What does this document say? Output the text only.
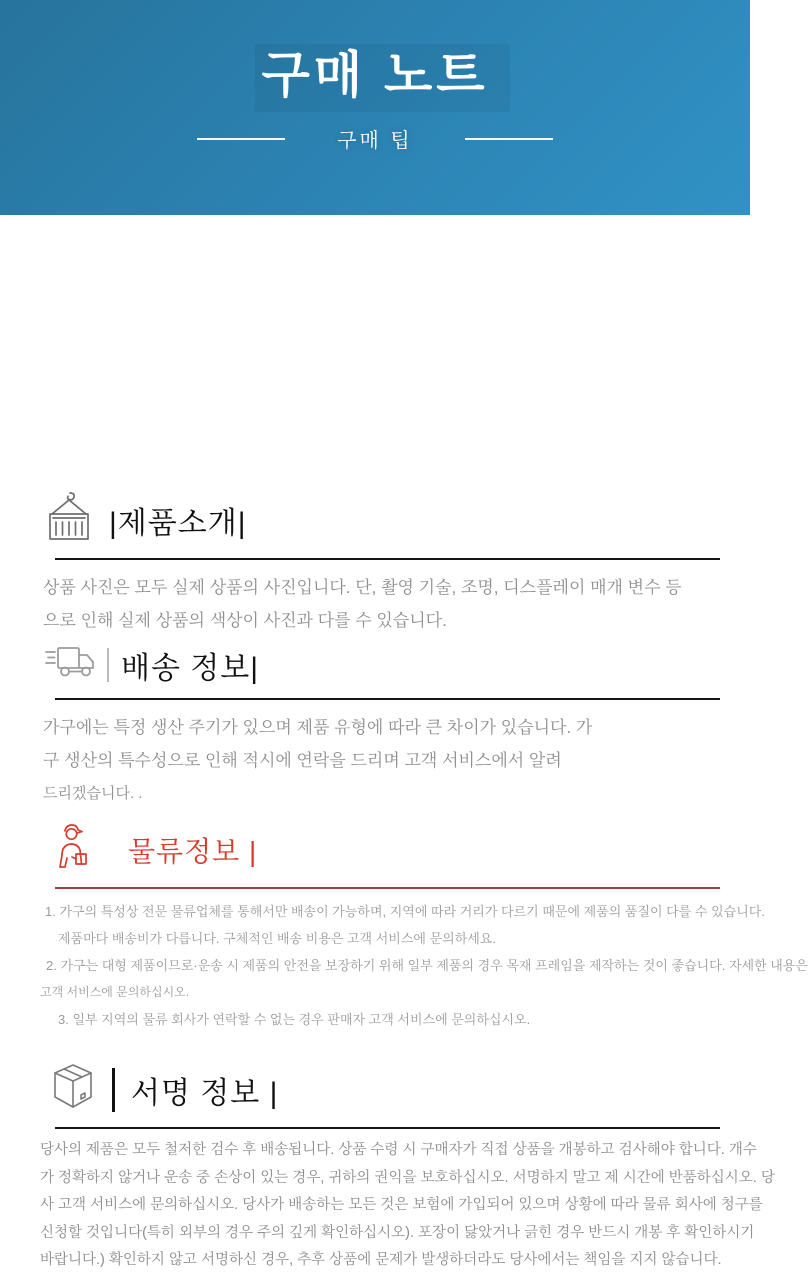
구매 노트
구매 팁
|제품소개|
상품 사진은 모두 실제 상품의 사진입니다. 단, 촬영 기술, 조명, 디스플레이 매개 변수 등
으로 인해 실제 상품의 색상이 사진과 다를 수 있습니다.
배송 정보|
가구에는 특정 생산 주기가 있으며 제품 유형에 따라 큰 차이가 있습니다. 가
구 생산의 특수성으로 인해 적시에 연락을 드리며 고객 서비스에서 알려
드리겠습니다. .
물류정보 |
1. 가구의 특성상 전문 물류업체를 통해서만 배송이 가능하며, 지역에 따라 거리가 다르기 때문에 제품의 품질이 다를 수 있습니다.
제품마다 배송비가 다릅니다. 구체적인 배송 비용은 고객 서비스에 문의하세요.
2. 가구는 대형 제품이므로·운송 시 제품의 안전을 보장하기 위해 일부 제품의 경우 목재 프레임을 제작하는 것이 좋습니다. 자세한 내용은
고객 서비스에 문의하십시오.
3. 일부 지역의 물류 회사가 연락할 수 없는 경우 판매자 고객 서비스에 문의하십시오.
서명 정보 |
당사의 제품은 모두 철저한 검수 후 배송됩니다. 상품 수령 시 구매자가 직접 상품을 개봉하고 검사해야 합니다. 개수
가 정확하지 않거나 운송 중 손상이 있는 경우, 귀하의 권익을 보호하십시오. 서명하지 말고 제 시간에 반품하십시오. 당
사 고객 서비스에 문의하십시오. 당사가 배송하는 모든 것은 보험에 가입되어 있으며 상황에 따라 물류 회사에 청구를
신청할 것입니다(특히 외부의 경우 주의 깊게 확인하십시오). 포장이 닳았거나 긁힌 경우 반드시 개봉 후 확인하시기
바랍니다.) 확인하지 않고 서명하신 경우, 추후 상품에 문제가 발생하더라도 당사에서는 책임을 지지 않습니다.
